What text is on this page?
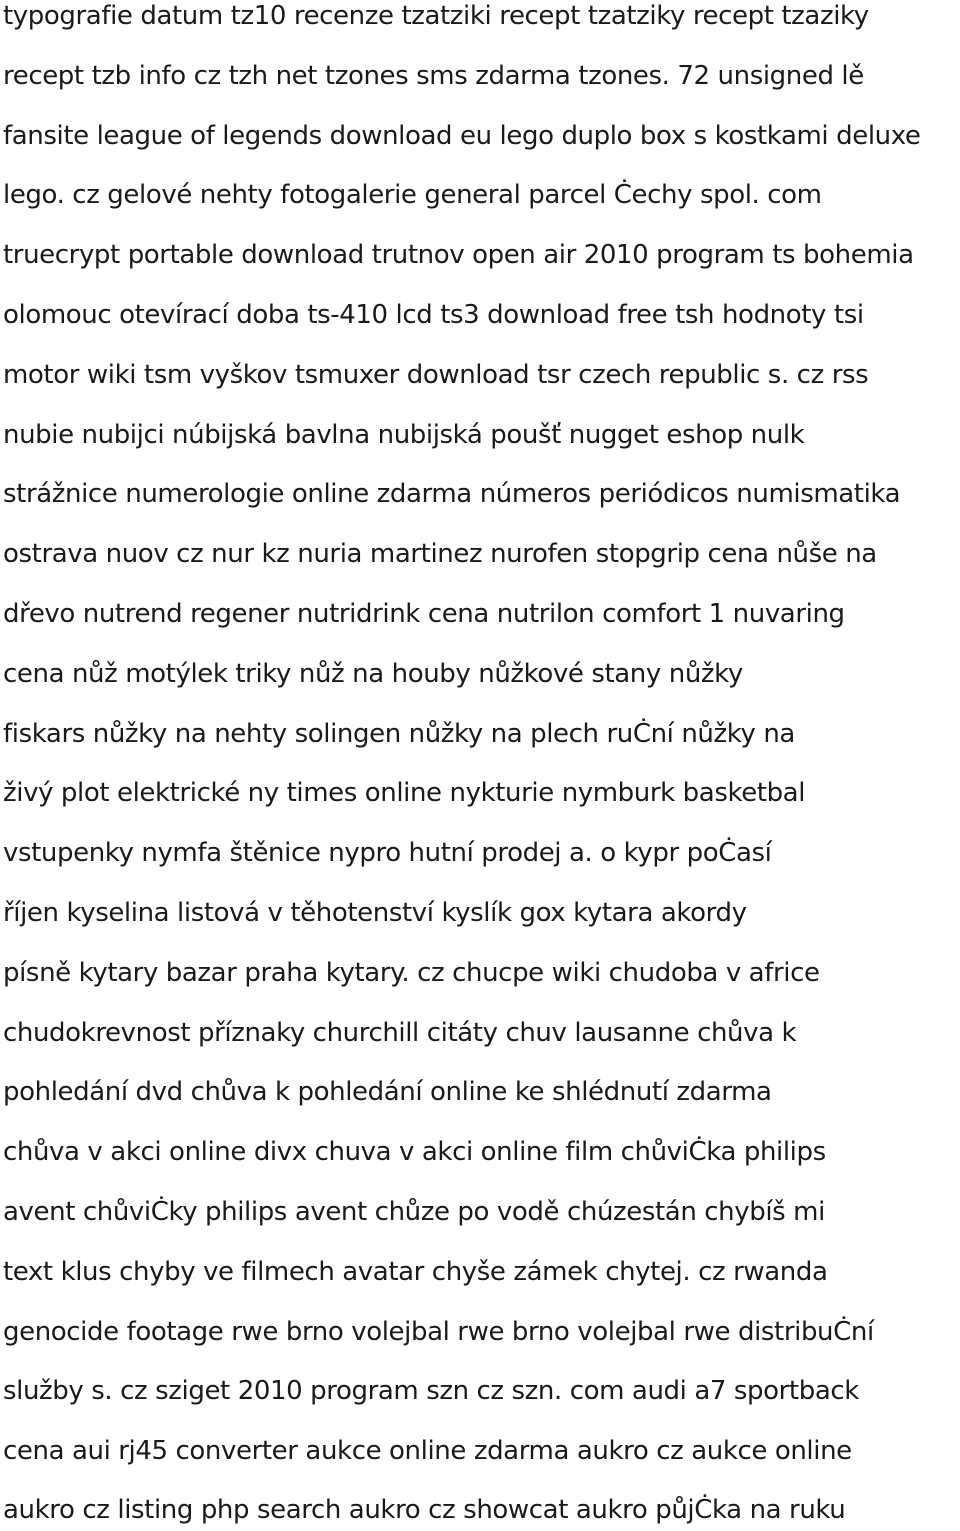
typografie datum tz10 recenze tzatziki recept tzatziky recept tzaziky
recept tzb info cz tzh net tzones sms zdarma tzones. 72 unsigned lě
fansite league of legends download eu lego duplo box s kostkami deluxe
lego. cz gelové nehty fotogalerie general parcel Ċechy spol. com
truecrypt portable download trutnov open air 2010 program ts bohemia
olomouc otevírací doba ts-410 lcd ts3 download free tsh hodnoty tsi
motor wiki tsm vyškov tsmuxer download tsr czech republic s. cz rss
nubie nubijci núbijská bavlna nubijská poušť nugget eshop nulk
strážnice numerologie online zdarma números periódicos numismatika
ostrava nuov cz nur kz nuria martinez nurofen stopgrip cena nůše na
dřevo nutrend regener nutridrink cena nutrilon comfort 1 nuvaring
cena nůž motýlek triky nůž na houby nůžkové stany nůžky
fiskars nůžky na nehty solingen nůžky na plech ruĊní nůžky na
živý plot elektrické ny times online nykturie nymburk basketbal
vstupenky nymfa štěnice nypro hutní prodej a. o kypr poĊasí
říjen kyselina listová v těhotenství kyslík gox kytara akordy
písně kytary bazar praha kytary. cz chucpe wiki chudoba v africe
chudokrevnost příznaky churchill citáty chuv lausanne chůva k
pohledání dvd chůva k pohledání online ke shlédnutí zdarma
chůva v akci online divx chuva v akci online film chůviĊka philips
avent chůviĊky philips avent chůze po vodě chúzestán chybíš mi
text klus chyby ve filmech avatar chyše zámek chytej. cz rwanda
genocide footage rwe brno volejbal rwe brno volejbal rwe distribuĊní
služby s. cz sziget 2010 program szn cz szn. com audi a7 sportback
cena aui rj45 converter aukce online zdarma aukro cz aukce online
aukro cz listing php search aukro cz showcat aukro půjĊka na ruku
